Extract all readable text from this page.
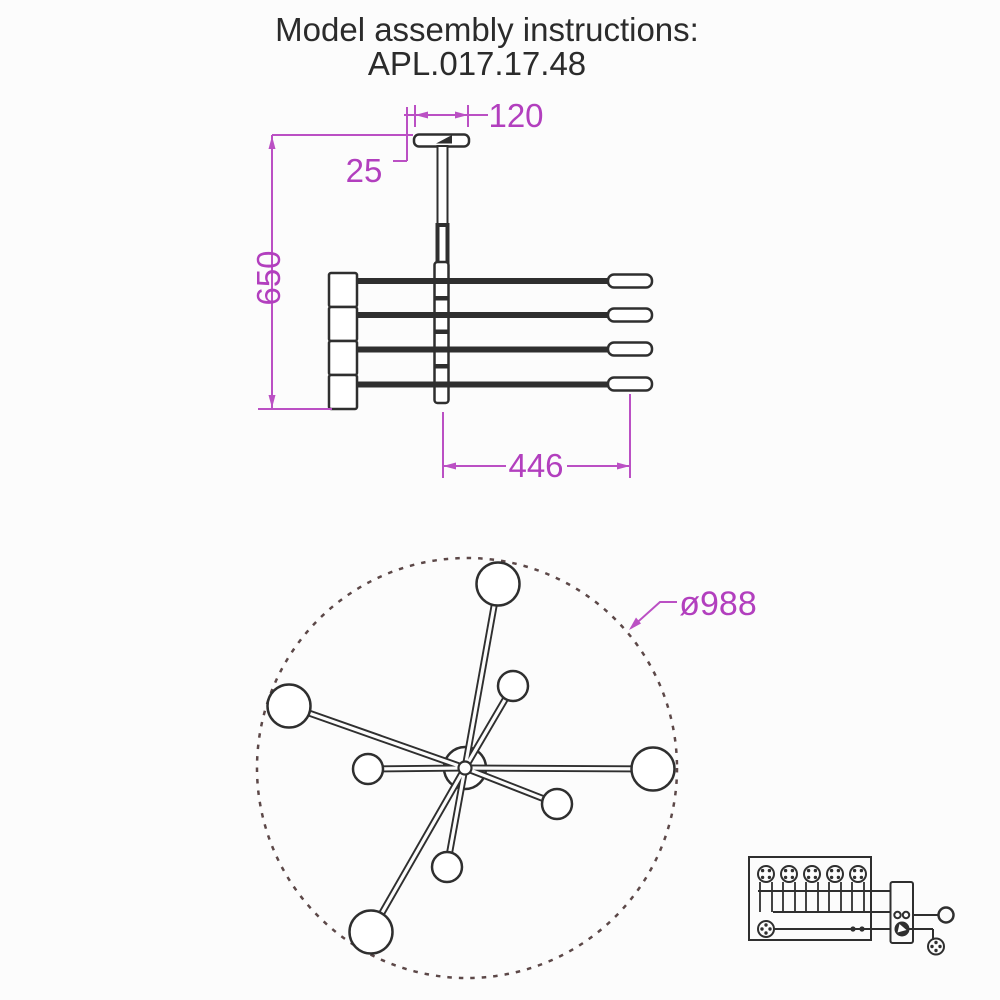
Model assembly instructions:
APL.017.17.48
650
25
120
446
ø988
